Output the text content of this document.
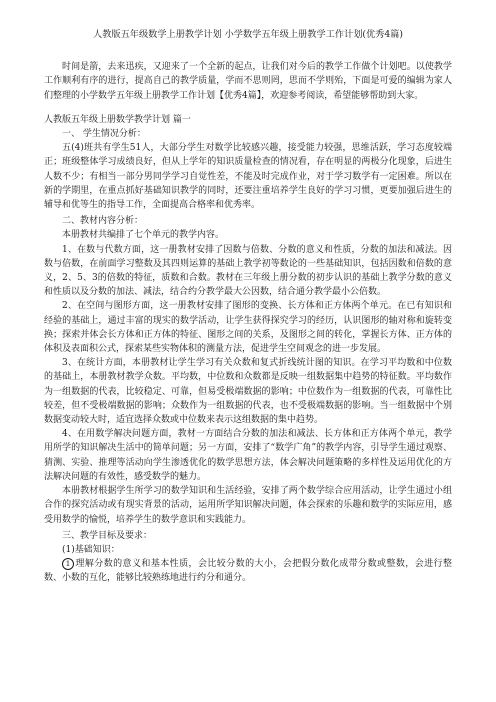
人教版五年级数学上册教学计划 小学数学五年级上册教学工作计划(优秀4篇)

时间是箭，去来迅疾，又迎来了一个全新的起点，让我们对今后的教学工作做个计划吧。以使教学工作顺利有序的进行，提高自己的教学质量，学而不思则罔，思而不学则殆，下面是可爱的编辑为家人们整理的小学数学五年级上册教学工作计划【优秀4篇】，欢迎参考阅读，希望能够帮助到大家。

人教版五年级上册数学教学计划 篇一

一、 学生情况分析：

五(4)班共有学生51人，大部分学生对数学比较感兴趣，接受能力较强，思维活跃，学习态度较端正；班级整体学习成绩良好，但从上学年的知识质量检查的情况看，存在明显的两极分化现象，后进生人数不少；有相当一部分男同学学习自觉性差，不能及时完成作业，对于学习数学有一定困难。所以在新的学期里，在重点抓好基础知识教学的同时，还要注重培养学生良好的学习习惯，更要加强后进生的辅导和优等生的指导工作，全面提高合格率和优秀率。

二、教材内容分析：

本册教材共编排了七个单元的教学内容。

1、在数与代数方面，这一册教材安排了因数与倍数、分数的意义和性质，分数的加法和减法。因数与倍数，在前面学习整数及其四则运算的基础上教学初等数论的一些基础知识，包括因数和倍数的意义，2、5、3的倍数的特征，质数和合数。教材在三年级上册分数的初步认识的基础上教学分数的意义和性质以及分数的加法、减法，结合约分教学最大公因数，结合通分教学最小公倍数。

2、在空间与图形方面，这一册教材安排了图形的变换、长方体和正方体两个单元。在已有知识和经验的基础上，通过丰富的现实的数学活动，让学生获得探究学习的经历，认识图形的轴对称和旋转变换；探索并体会长方体和正方体的特征、图形之间的关系，及图形之间的转化，掌握长方体、正方体的体积及表面积公式，探索某些实物体积的测量方法，促进学生空间观念的进一步发展。

3、在统计方面，本册教材让学生学习有关众数和复式折线统计图的知识。在学习平均数和中位数的基础上，本册教材教学众数。平均数，中位数和众数都是反映一组数据集中趋势的特征数。平均数作为一组数据的代表，比较稳定、可靠，但易受极端数据的影响；中位数作为一组数据的代表，可靠性比较差，但不受极端数据的影响；众数作为一组数据的代表，也不受极端数据的影响。当一组数据中个别数据变动较大时，适宜选择众数或中位数来表示这组数据的集中趋势。

4、在用数学解决问题方面，教材一方面结合分数的加法和减法、长方体和正方体两个单元，教学用所学的知识解决生活中的简单问题；另一方面，安排了“数学广角”的教学内容，引导学生通过观察、猜测、实验、推理等活动向学生渗透优化的数学思想方法，体会解决问题策略的多样性及运用优化的方法解决问题的有效性，感受数学的魅力。

本册教材根据学生所学习的数学知识和生活经验，安排了两个数学综合应用活动，让学生通过小组合作的探究活动或有现实背景的活动，运用所学知识解决问题，体会探索的乐趣和数学的实际应用，感受用数学的愉悦，培养学生的数学意识和实践能力。

三、教学目标及要求：

(1)基础知识：

1 理解分数的意义和基本性质，会比较分数的大小，会把假分数化成带分数或整数，会进行整数、小数的互化，能够比较熟练地进行约分和通分。
